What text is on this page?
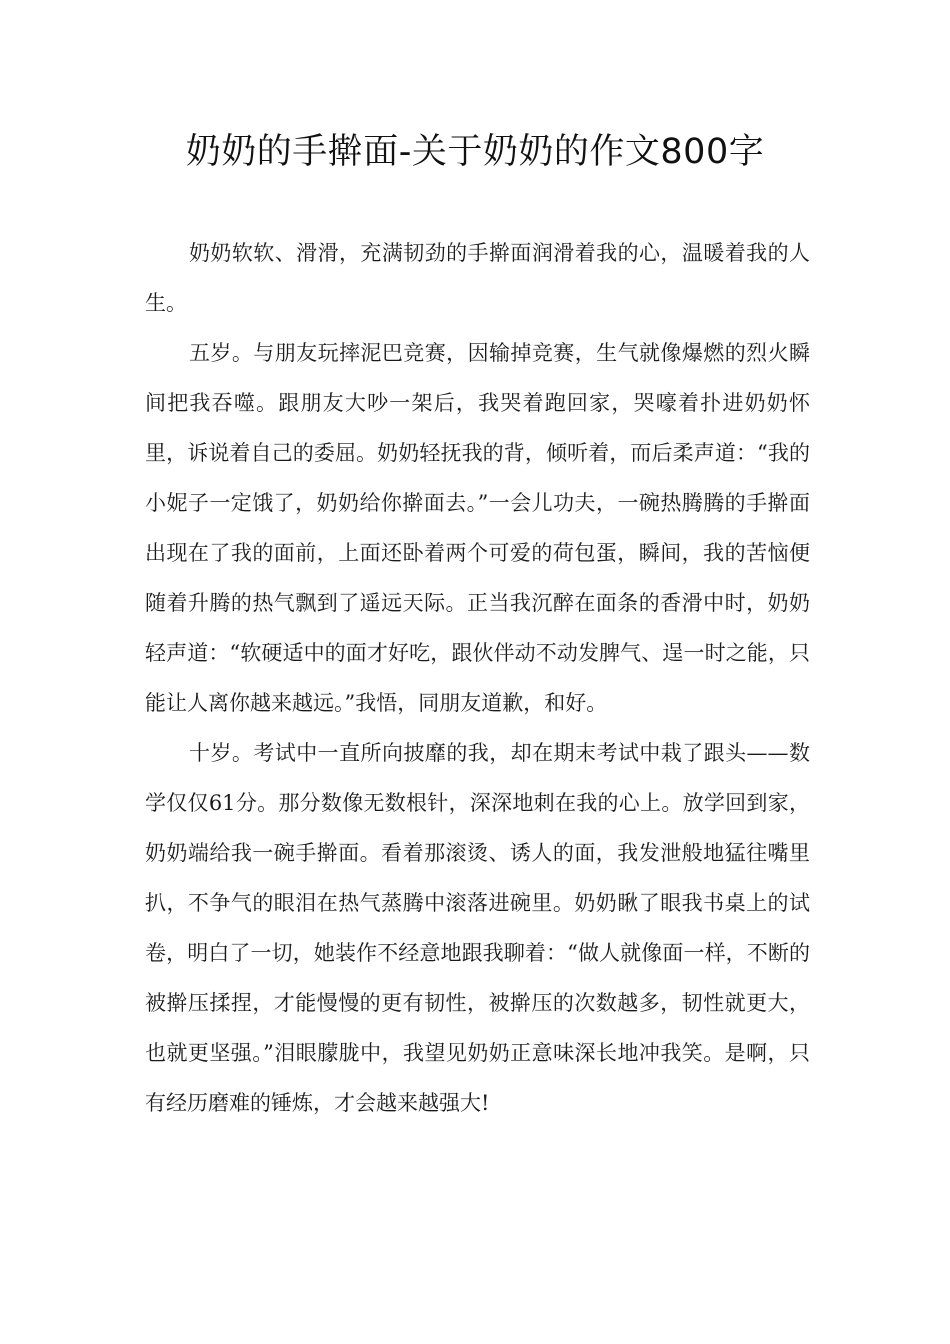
奶奶的手擀面-关于奶奶的作文800字

奶奶软软、滑滑，充满韧劲的手擀面润滑着我的心，温暖着我的人生。

五岁。与朋友玩摔泥巴竞赛，因输掉竞赛，生气就像爆燃的烈火瞬间把我吞噬。跟朋友大吵一架后，我哭着跑回家，哭嚎着扑进奶奶怀里，诉说着自己的委屈。奶奶轻抚我的背，倾听着，而后柔声道：“我的小妮子一定饿了，奶奶给你擀面去。”一会儿功夫，一碗热腾腾的手擀面出现在了我的面前，上面还卧着两个可爱的荷包蛋，瞬间，我的苦恼便随着升腾的热气飘到了遥远天际。正当我沉醉在面条的香滑中时，奶奶轻声道：“软硬适中的面才好吃，跟伙伴动不动发脾气、逞一时之能，只能让人离你越来越远。”我悟，同朋友道歉，和好。

十岁。考试中一直所向披靡的我，却在期末考试中栽了跟头——数学仅仅61分。那分数像无数根针，深深地刺在我的心上。放学回到家，奶奶端给我一碗手擀面。看着那滚烫、诱人的面，我发泄般地猛往嘴里扒，不争气的眼泪在热气蒸腾中滚落进碗里。奶奶瞅了眼我书桌上的试卷，明白了一切，她装作不经意地跟我聊着：“做人就像面一样，不断的被擀压揉捏，才能慢慢的更有韧性，被擀压的次数越多，韧性就更大，也就更坚强。”泪眼朦胧中，我望见奶奶正意味深长地冲我笑。是啊，只有经历磨难的锤炼，才会越来越强大!
